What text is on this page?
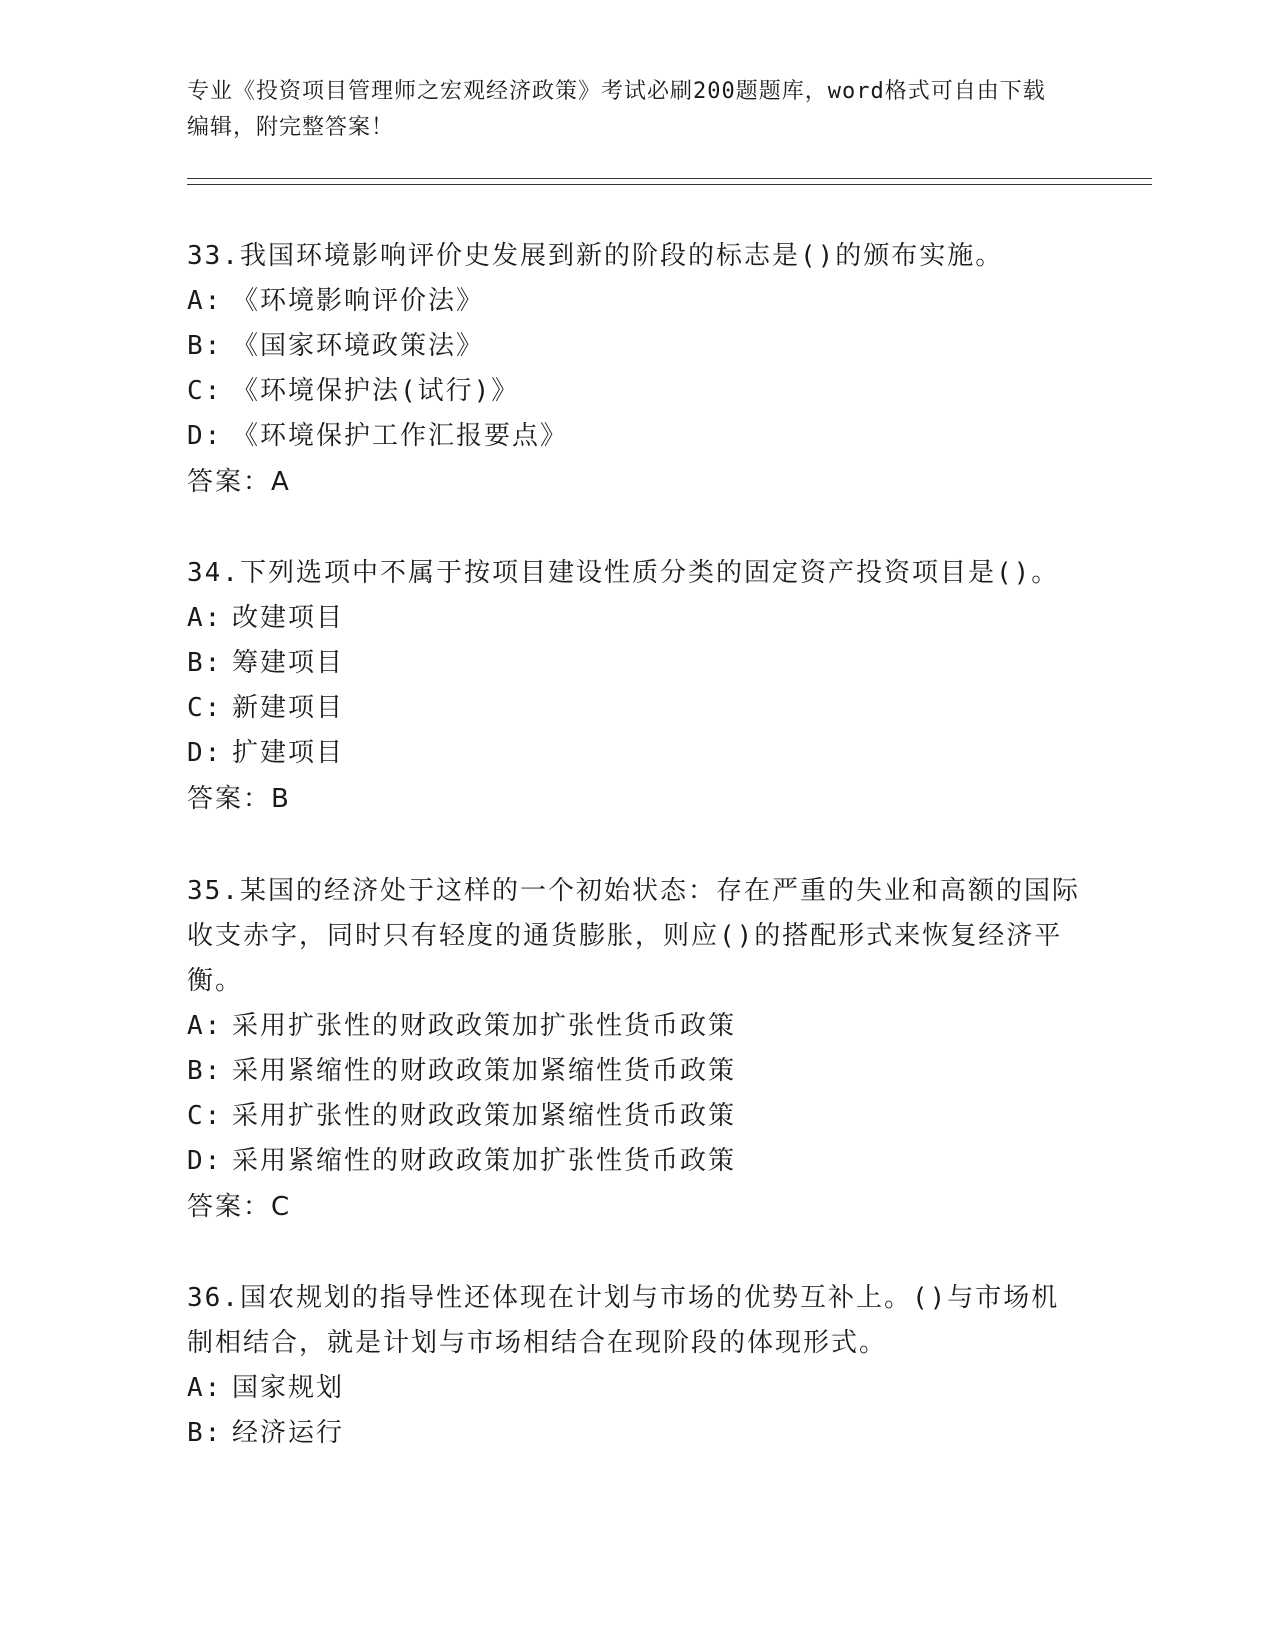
专业《投资项目管理师之宏观经济政策》考试必刷200题题库，word格式可自由下载编辑，附完整答案！
33.我国环境影响评价史发展到新的阶段的标志是()的颁布实施。
A: 《环境影响评价法》
B: 《国家环境政策法》
C: 《环境保护法(试行)》
D: 《环境保护工作汇报要点》
答案：A
34.下列选项中不属于按项目建设性质分类的固定资产投资项目是()。
A: 改建项目
B: 筹建项目
C: 新建项目
D: 扩建项目
答案：B
35.某国的经济处于这样的一个初始状态：存在严重的失业和高额的国际收支赤字，同时只有轻度的通货膨胀，则应()的搭配形式来恢复经济平衡。
A: 采用扩张性的财政政策加扩张性货币政策
B: 采用紧缩性的财政政策加紧缩性货币政策
C: 采用扩张性的财政政策加紧缩性货币政策
D: 采用紧缩性的财政政策加扩张性货币政策
答案：C
36.国农规划的指导性还体现在计划与市场的优势互补上。()与市场机制相结合，就是计划与市场相结合在现阶段的体现形式。
A: 国家规划
B: 经济运行
